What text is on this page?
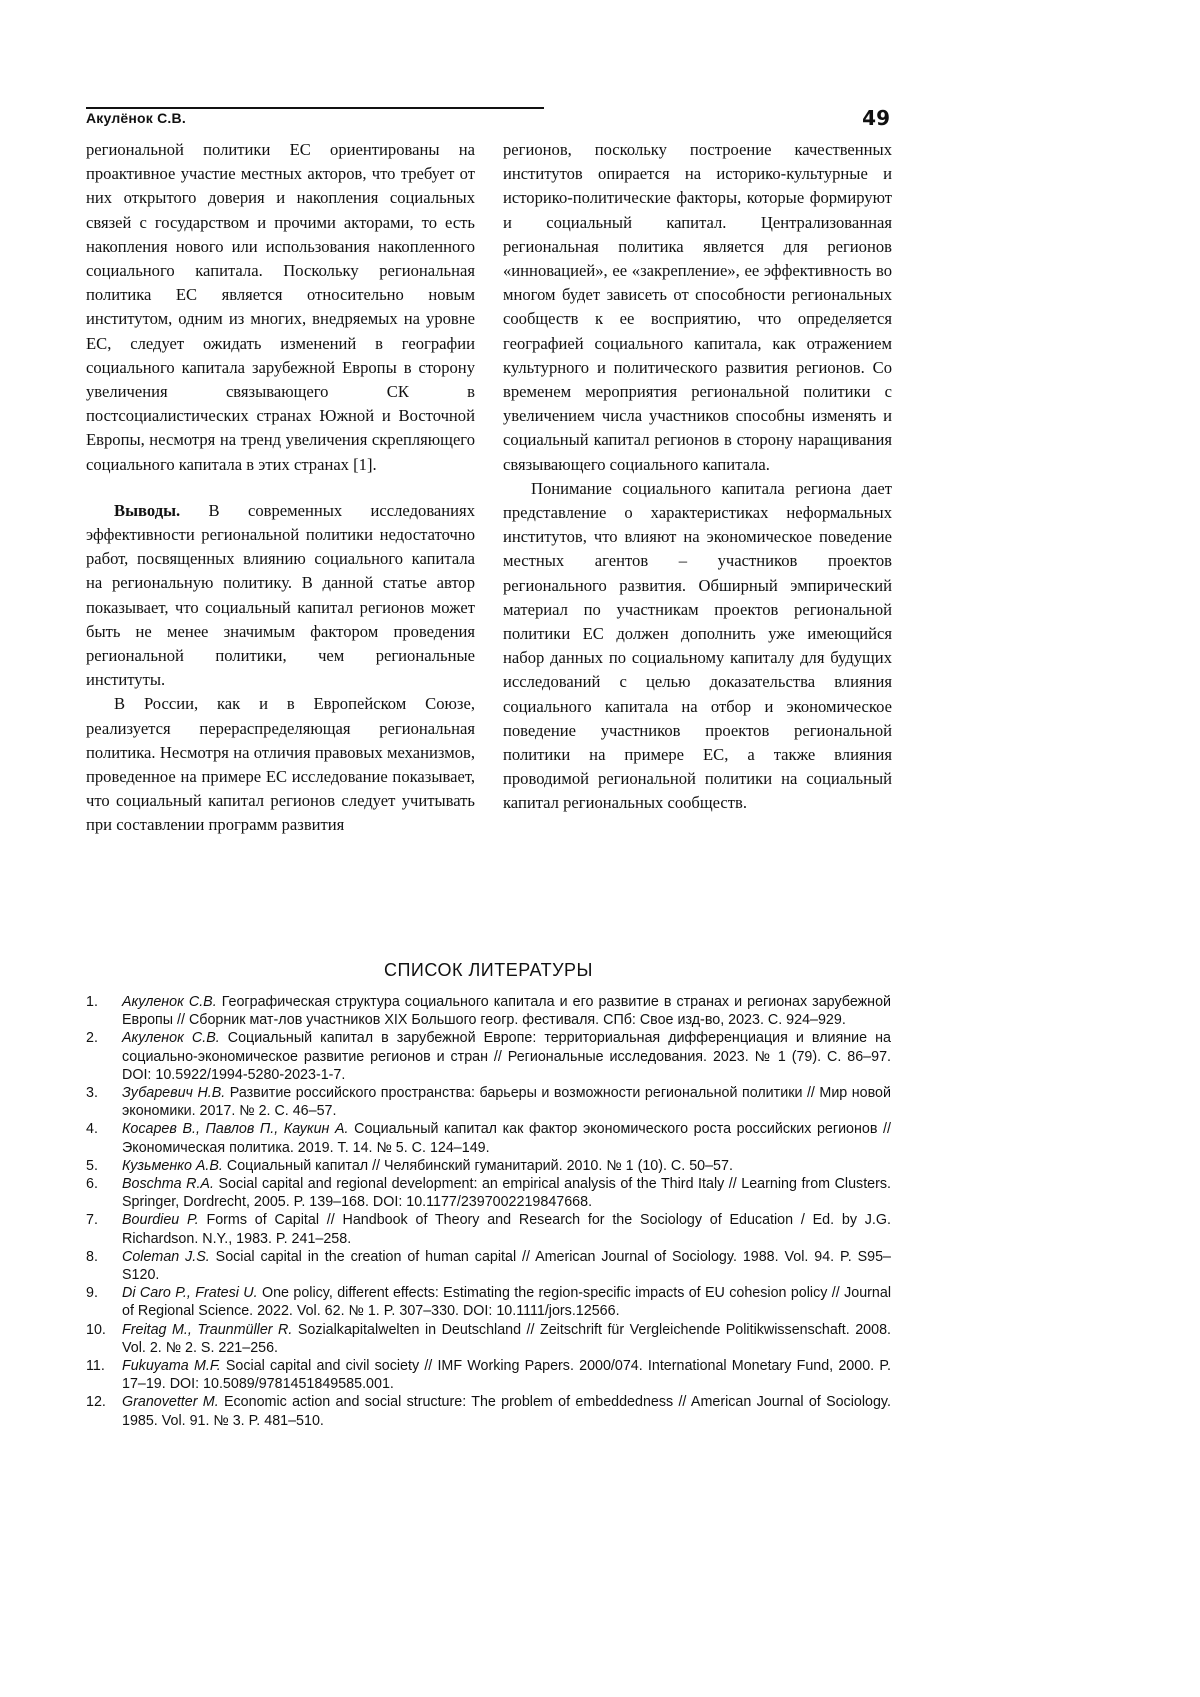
Акулёнок С.В.	49

региональной политики ЕС ориентированы на проактивное участие местных акторов, что требует от них открытого доверия и накопления социальных связей с государством и прочими акторами, то есть накопления нового или использования накопленного социального капитала. Поскольку региональная политика ЕС является относительно новым институтом, одним из многих, внедряемых на уровне ЕС, следует ожидать изменений в географии социального капитала зарубежной Европы в сторону увеличения связывающего СК в постсоциалистических странах Южной и Восточной Европы, несмотря на тренд увеличения скрепляющего социального капитала в этих странах [1].

Выводы. В современных исследованиях эффективности региональной политики недостаточно работ, посвященных влиянию социального капитала на региональную политику. В данной статье автор показывает, что социальный капитал регионов может быть не менее значимым фактором проведения региональной политики, чем региональные институты.

В России, как и в Европейском Союзе, реализуется перераспределяющая региональная политика. Несмотря на отличия правовых механизмов, проведенное на примере ЕС исследование показывает, что социальный капитал регионов следует учитывать при составлении программ развития

регионов, поскольку построение качественных институтов опирается на историко-культурные и историко-политические факторы, которые формируют и социальный капитал. Централизованная региональная политика является для регионов «инновацией», ее «закрепление», ее эффективность во многом будет зависеть от способности региональных сообществ к ее восприятию, что определяется географией социального капитала, как отражением культурного и политического развития регионов. Со временем мероприятия региональной политики с увеличением числа участников способны изменять и социальный капитал регионов в сторону наращивания связывающего социального капитала.

Понимание социального капитала региона дает представление о характеристиках неформальных институтов, что влияют на экономическое поведение местных агентов – участников проектов регионального развития. Обширный эмпирический материал по участникам проектов региональной политики ЕС должен дополнить уже имеющийся набор данных по социальному капиталу для будущих исследований с целью доказательства влияния социального капитала на отбор и экономическое поведение участников проектов региональной политики на примере ЕС, а также влияния проводимой региональной политики на социальный капитал региональных сообществ.

СПИСОК ЛИТЕРАТУРЫ
1.	Акуленок С.В. Географическая структура социального капитала и его развитие в странах и регионах зарубежной Европы // Сборник мат-лов участников XIX Большого геогр. фестиваля. СПб: Свое изд-во, 2023. С. 924–929.
2.	Акуленок С.В. Социальный капитал в зарубежной Европе: территориальная дифференциация и влияние на социально-экономическое развитие регионов и стран // Региональные исследования. 2023. № 1 (79). С. 86–97. DOI: 10.5922/1994-5280-2023-1-7.
3.	Зубаревич Н.В. Развитие российского пространства: барьеры и возможности региональной политики // Мир новой экономики. 2017. № 2. С. 46–57.
4.	Косарев В., Павлов П., Каукин А. Социальный капитал как фактор экономического роста российских регионов // Экономическая политика. 2019. Т. 14. № 5. С. 124–149.
5.	Кузьменко А.В. Социальный капитал // Челябинский гуманитарий. 2010. № 1 (10). С. 50–57.
6.	Boschma R.A. Social capital and regional development: an empirical analysis of the Third Italy // Learning from Clusters. Springer, Dordrecht, 2005. P. 139–168. DOI: 10.1177/2397002219847668.
7.	Bourdieu P. Forms of Capital // Handbook of Theory and Research for the Sociology of Education / Ed. by J.G. Richardson. N.Y., 1983. P. 241–258.
8.	Coleman J.S. Social capital in the creation of human capital // American Journal of Sociology. 1988. Vol. 94. P. S95–S120.
9.	Di Caro P., Fratesi U. One policy, different effects: Estimating the region-specific impacts of EU cohesion policy // Journal of Regional Science. 2022. Vol. 62. № 1. P. 307–330. DOI: 10.1111/jors.12566.
10.	Freitag M., Traunmüller R. Sozialkapitalwelten in Deutschland // Zeitschrift für Vergleichende Politikwissenschaft. 2008. Vol. 2. № 2. S. 221–256.
11.	Fukuyama M.F. Social capital and civil society // IMF Working Papers. 2000/074. International Monetary Fund, 2000. P. 17–19. DOI: 10.5089/9781451849585.001.
12.	Granovetter M. Economic action and social structure: The problem of embeddedness // American Journal of Sociology. 1985. Vol. 91. № 3. P. 481–510.
